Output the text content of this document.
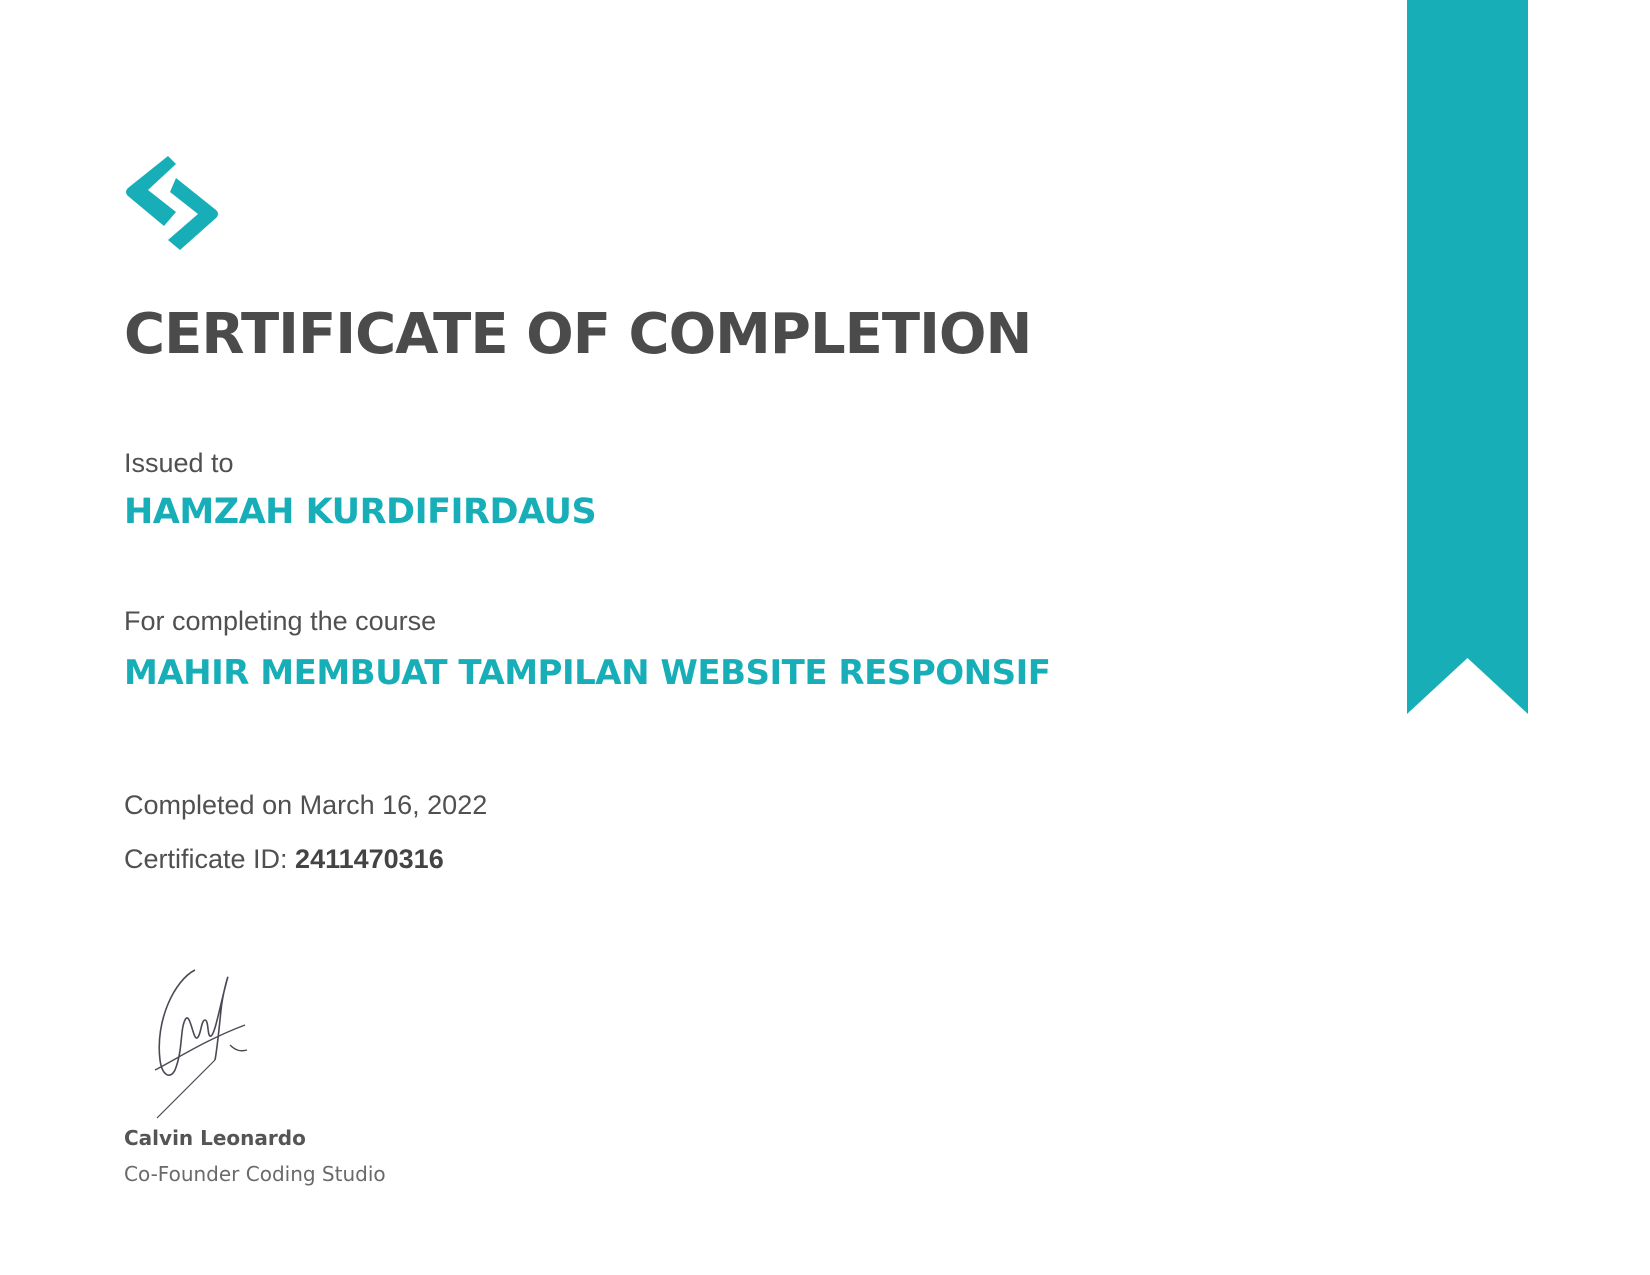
CERTIFICATE OF COMPLETION
Issued to
HAMZAH KURDIFIRDAUS
For completing the course
MAHIR MEMBUAT TAMPILAN WEBSITE RESPONSIF
Completed on March 16, 2022
Certificate ID: 2411470316
Calvin Leonardo
Co-Founder Coding Studio
